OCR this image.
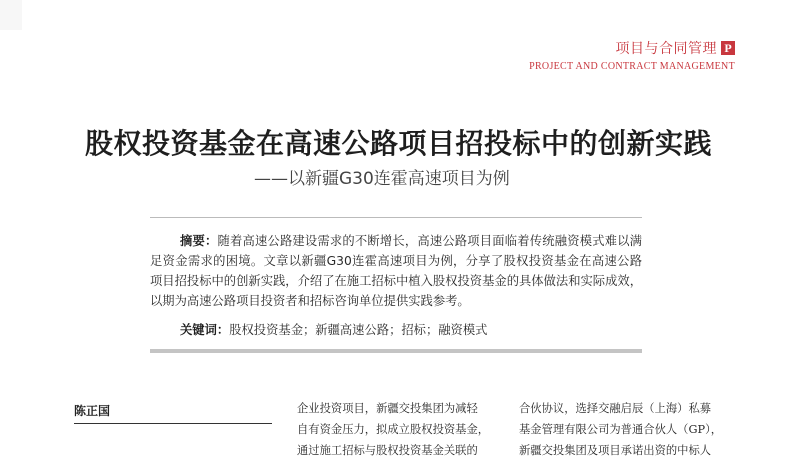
项目与合同管理 P
PROJECT AND CONTRACT MANAGEMENT
股权投资基金在高速公路项目招投标中的创新实践
——以新疆G30连霍高速项目为例
摘要：随着高速公路建设需求的不断增长，高速公路项目面临着传统融资模式难以满足资金需求的困境。文章以新疆G30连霍高速项目为例，分享了股权投资基金在高速公路项目招投标中的创新实践，介绍了在施工招标中植入股权投资基金的具体做法和实际成效，以期为高速公路项目投资者和招标咨询单位提供实践参考。
关键词：股权投资基金；新疆高速公路；招标；融资模式
陈正国	企业投资项目，新疆交投集团为减轻
自有资金压力，拟成立股权投资基金，
通过施工招标与股权投资基金关联的
合伙协议，选择交融启辰（上海）私募
基金管理有限公司为普通合伙人（GP），
新疆交投集团及项目承诺出资的中标人
